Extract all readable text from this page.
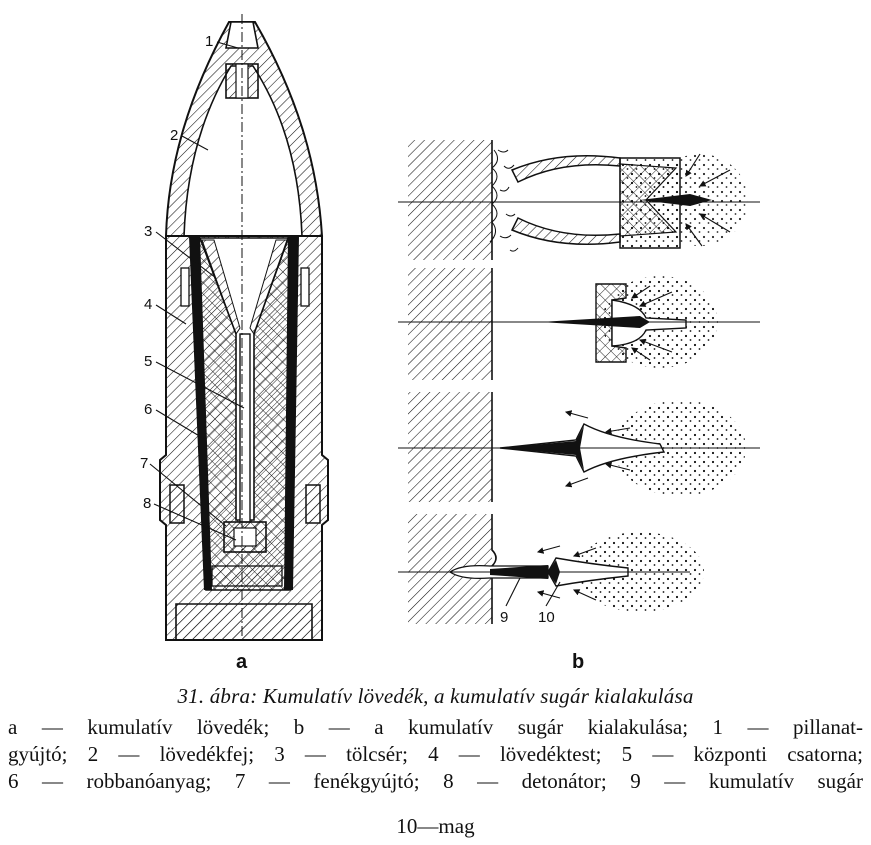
1
2
3
4
5
6
7
8
a
9 10
b
31. ábra: Kumulatív lövedék, a kumulatív sugár kialakulása
a — kumulatív lövedék; b — a kumulatív sugár kialakulása; 1 — pillanat-
gyújtó; 2 — lövedékfej; 3 — tölcsér; 4 — lövedéktest; 5 — központi csatorna;
6 — robbanóanyag; 7 — fenékgyújtó; 8 — detonátor; 9 — kumulatív sugár
10—mag
